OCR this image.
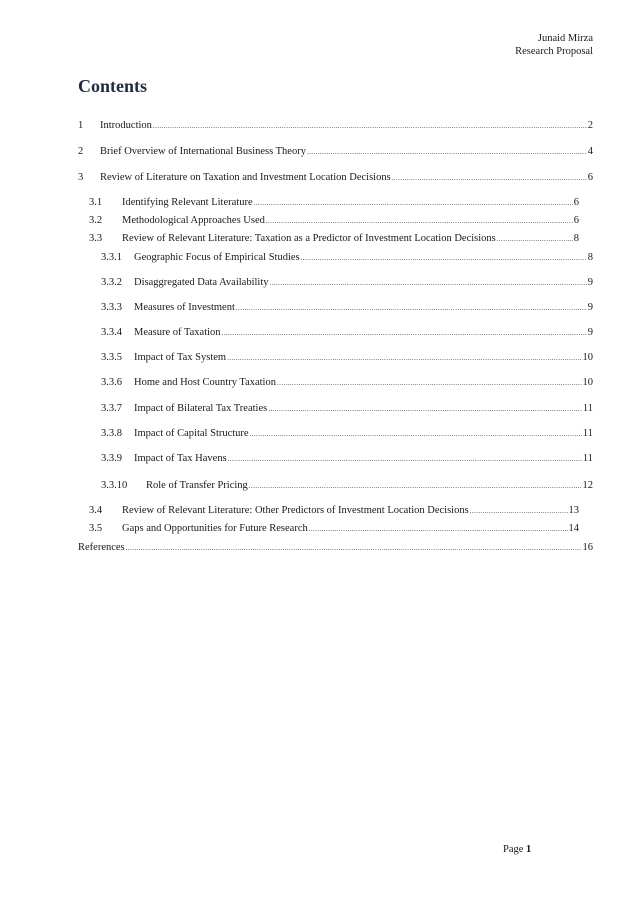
Junaid Mirza
Research Proposal
Contents
1	Introduction .....	2
2	Brief Overview of International Business Theory .....	4
3	Review of Literature on Taxation and Investment Location Decisions .....	6
3.1	Identifying Relevant Literature .....	6
3.2	Methodological Approaches Used .....	6
3.3	Review of Relevant Literature: Taxation as a Predictor of Investment Location Decisions .....	8
3.3.1	Geographic Focus of Empirical Studies .....	8
3.3.2	Disaggregated Data Availability .....	9
3.3.3	Measures of Investment .....	9
3.3.4	Measure of Taxation .....	9
3.3.5	Impact of Tax System .....	10
3.3.6	Home and Host Country Taxation .....	10
3.3.7	Impact of Bilateral Tax Treaties .....	11
3.3.8	Impact of Capital Structure .....	11
3.3.9	Impact of Tax Havens .....	11
3.3.10	Role of Transfer Pricing .....	12
3.4	Review of Relevant Literature: Other Predictors of Investment Location Decisions .....	13
3.5	Gaps and Opportunities for Future Research .....	14
References .....	16
Page 1
